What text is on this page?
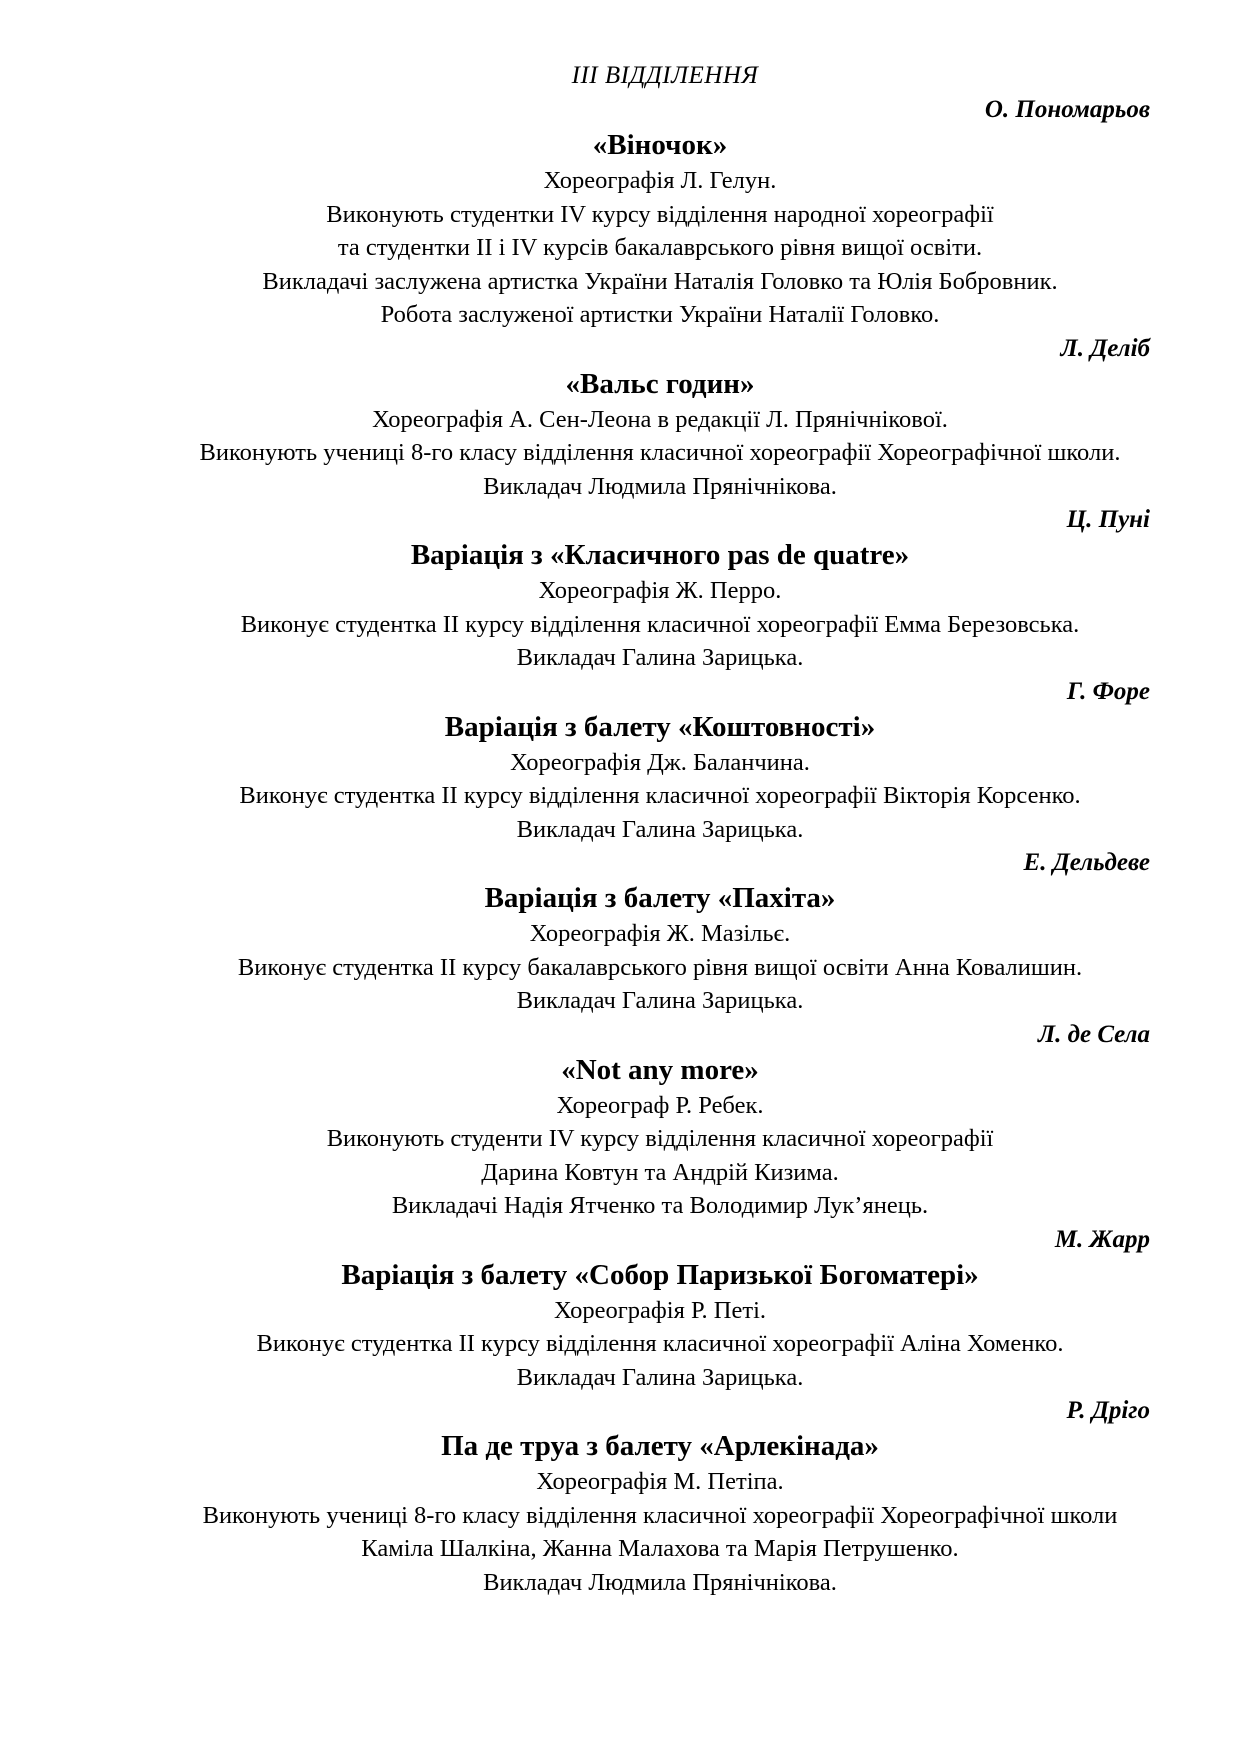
ІІІ ВІДДІЛЕННЯ
О. Пономарьов
«Віночок»
Хореографія Л. Гелун.
Виконують студентки IV курсу відділення народної хореографії
та студентки ІІ і IV курсів бакалаврського рівня вищої освіти.
Викладачі заслужена артистка України Наталія Головко та Юлія Бобровник.
Робота заслуженої артистки України Наталії Головко.
Л. Деліб
«Вальс годин»
Хореографія А. Сен-Леона в редакції Л. Прянічнікової.
Виконують учениці 8-го класу відділення класичної хореографії Хореографічної школи.
Викладач Людмила Прянічнікова.
Ц. Пуні
Варіація з «Класичного pas de quatre»
Хореографія Ж. Перро.
Виконує студентка ІІ курсу відділення класичної хореографії Емма Березовська.
Викладач Галина Зарицька.
Г. Форе
Варіація з балету «Коштовності»
Хореографія Дж. Баланчина.
Виконує студентка ІІ курсу відділення класичної хореографії Вікторія Корсенко.
Викладач Галина Зарицька.
Е. Дельдеве
Варіація з балету «Пахіта»
Хореографія Ж. Мазільє.
Виконує студентка ІІ курсу бакалаврського рівня вищої освіти Анна Ковалишин.
Викладач Галина Зарицька.
Л. де Села
«Not any more»
Хореограф Р. Ребек.
Виконують студенти IV курсу відділення класичної хореографії
Дарина Ковтун та Андрій Кизима.
Викладачі Надія Ятченко та Володимир Лук’янець.
М. Жарр
Варіація з балету «Собор Паризької Богоматері»
Хореографія Р. Петі.
Виконує студентка ІІ курсу відділення класичної хореографії Аліна Хоменко.
Викладач Галина Зарицька.
Р. Дріго
Па де труа з балету «Арлекінада»
Хореографія М. Петіпа.
Виконують учениці 8-го класу відділення класичної хореографії Хореографічної школи
Каміла Шалкіна, Жанна Малахова та Марія Петрушенко.
Викладач Людмила Прянічнікова.
